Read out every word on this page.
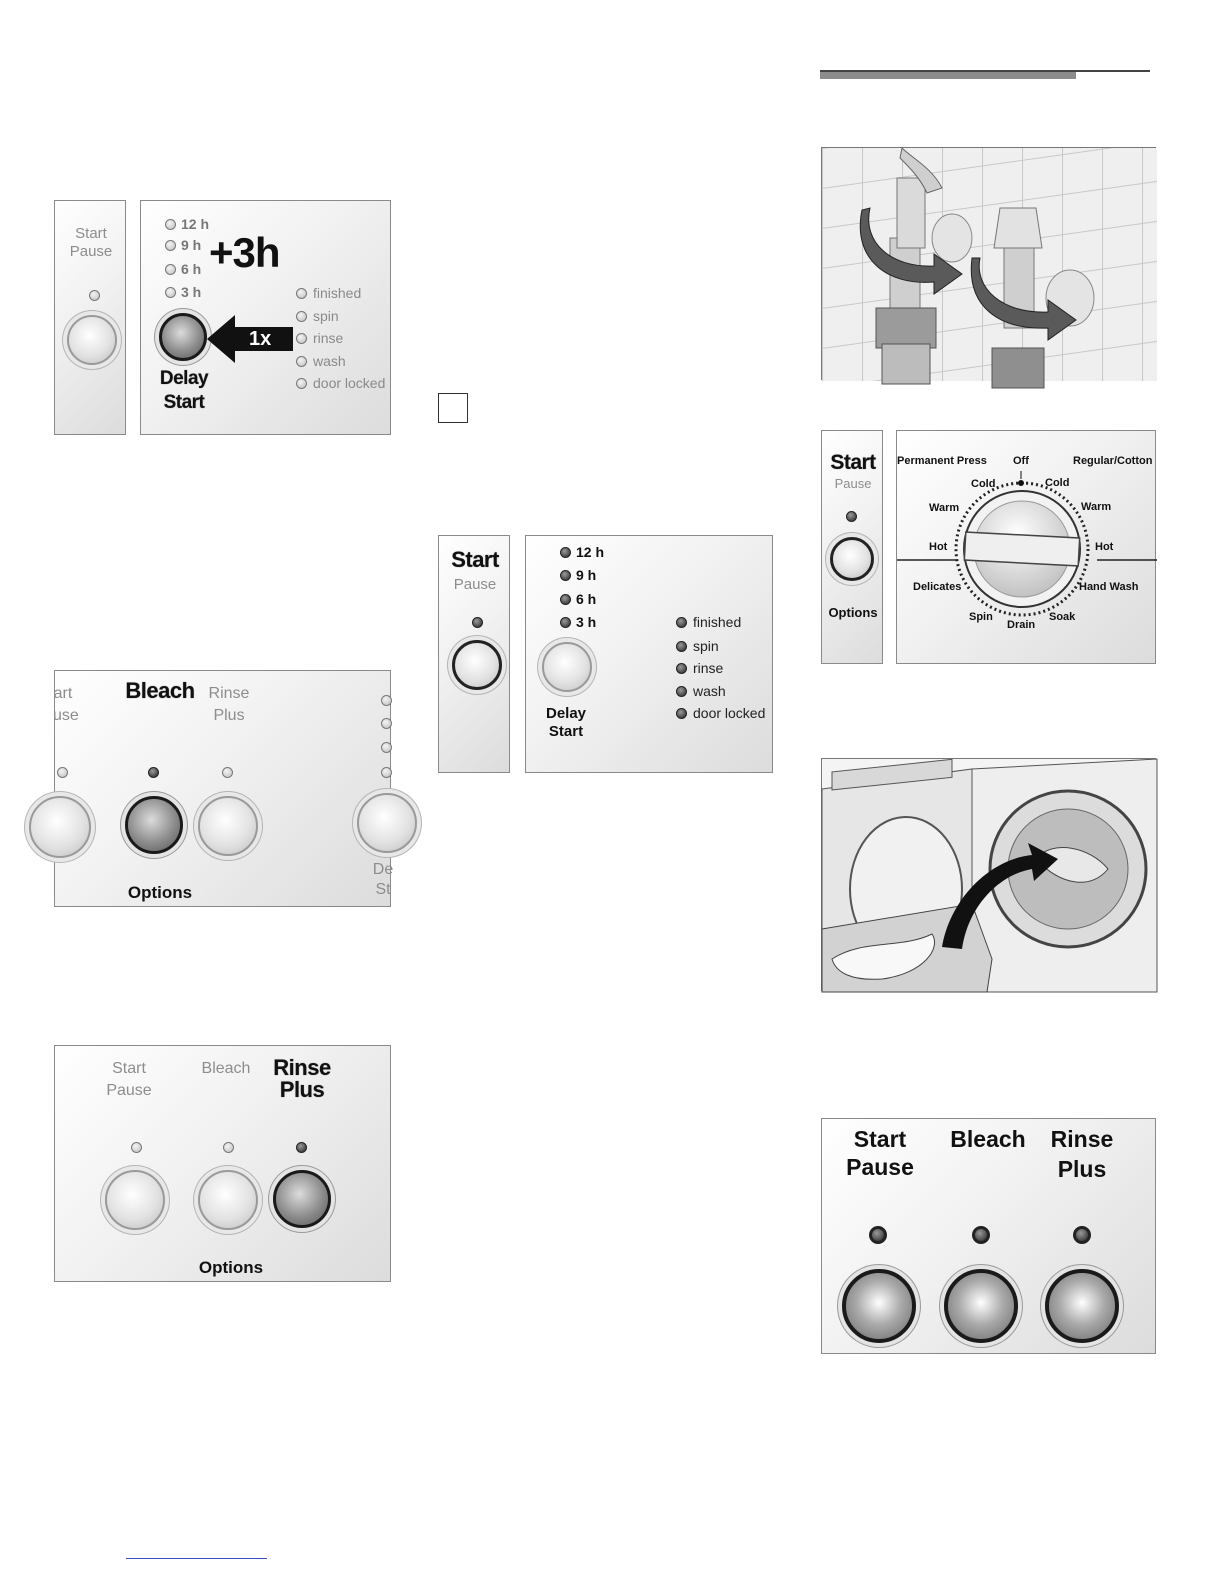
Start
Pause
12 h
9 h
6 h
3 h
+3h
1x
Delay
Start
finished
spin
rinse
wash
door locked
art
use
Bleach Rinse
Plus
Options
De
St
Start
Pause
Bleach	Rinse
Plus
Options
Start
Pause
12 h
9 h
6 h
3 h
Delay
Start
finished
spin
rinse
wash
door locked
Start
Pause
Options
Permanent Press Off	Regular/Cotton
Cold	Cold
Warm	Warm
Hot	Hot
Delicates	Hand Wash
Spin
Drain
Soak
Start
Pause
Bleach	Rinse
Plus
